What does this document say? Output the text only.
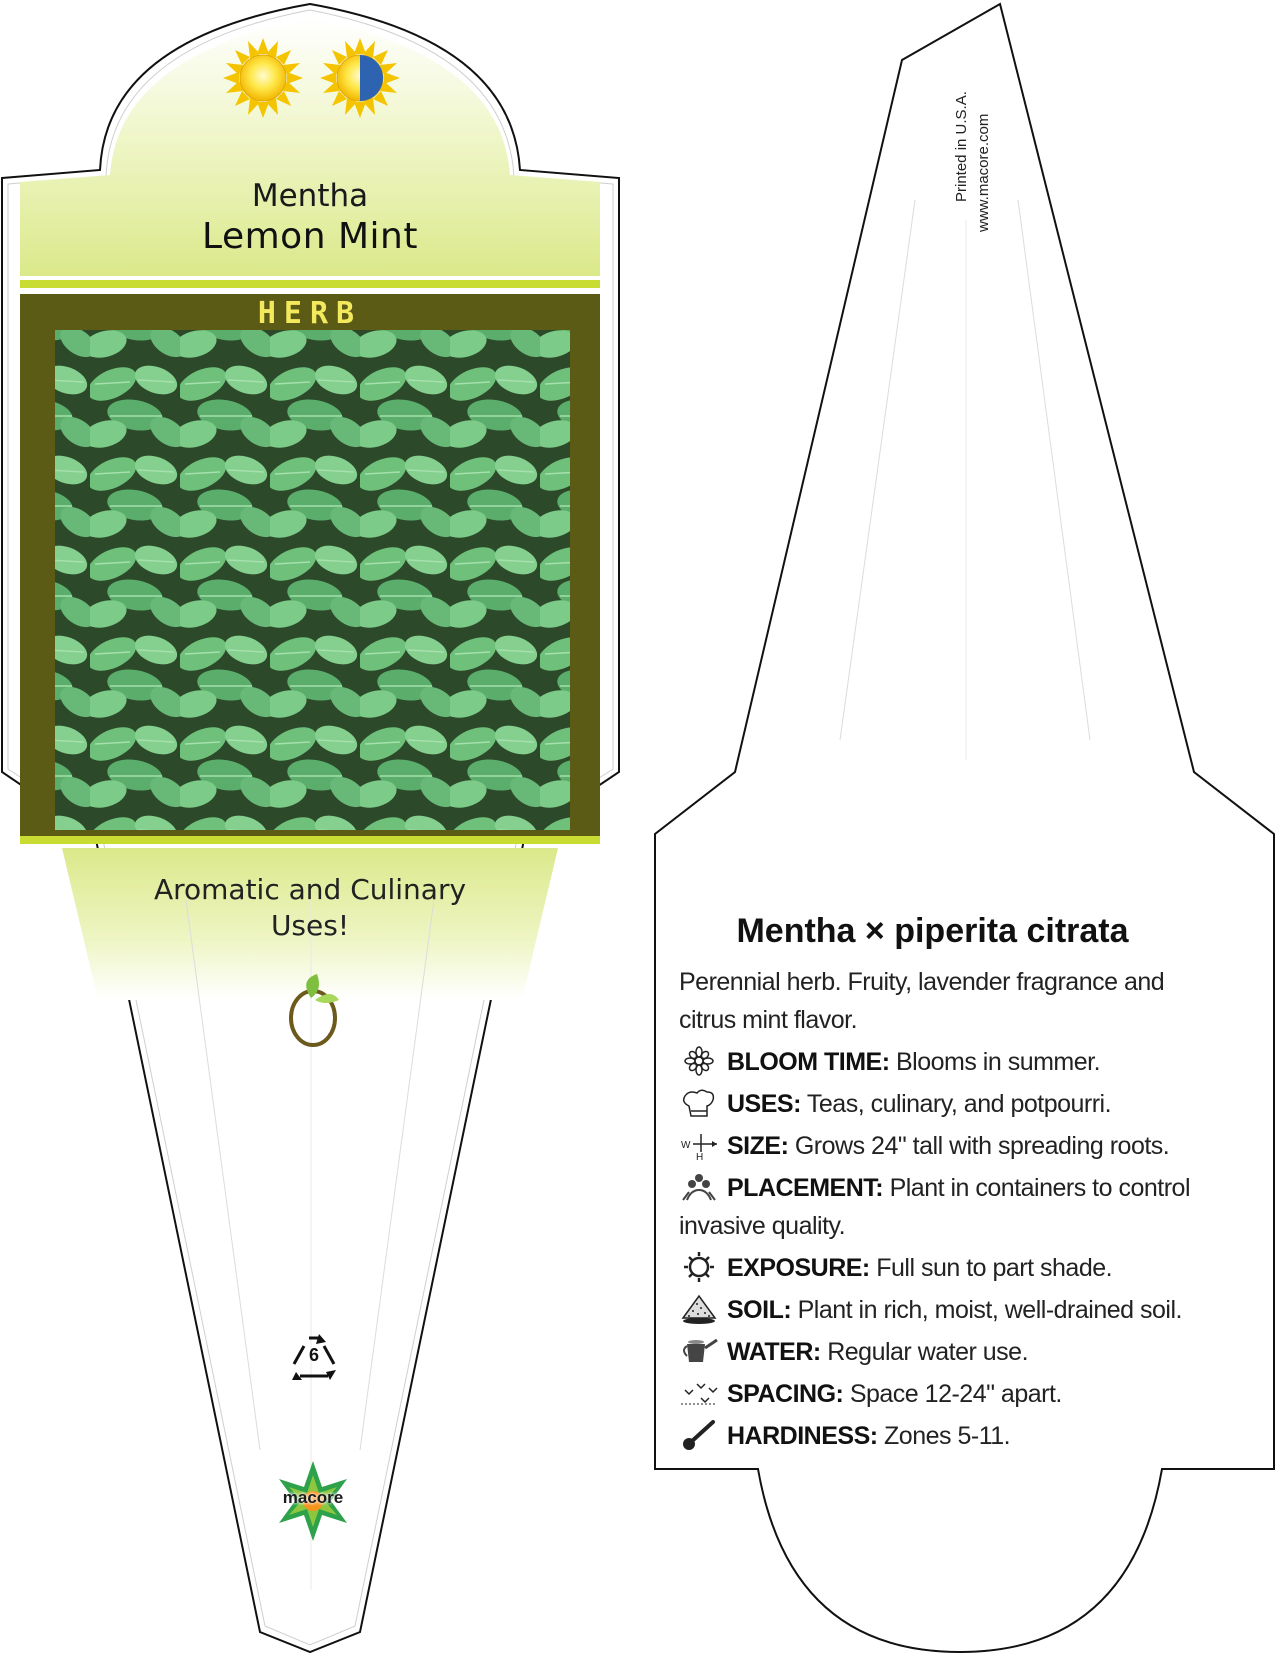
Mentha
Lemon Mint
HERB
Aromatic and Culinary Uses!
6
macore
Printed in U.S.A. www.macore.com
Mentha × piperita citrata
Perennial herb. Fruity, lavender fragrance and citrus mint flavor.
BLOOM TIME: Blooms in summer.
USES: Teas, culinary, and potpourri.
W
H SIZE: Grows 24" tall with spreading roots.
PLACEMENT: Plant in containers to control invasive quality.
EXPOSURE: Full sun to part shade.
SOIL: Plant in rich, moist, well-drained soil.
WATER: Regular water use.
SPACING: Space 12-24" apart.
HARDINESS: Zones 5-11.
